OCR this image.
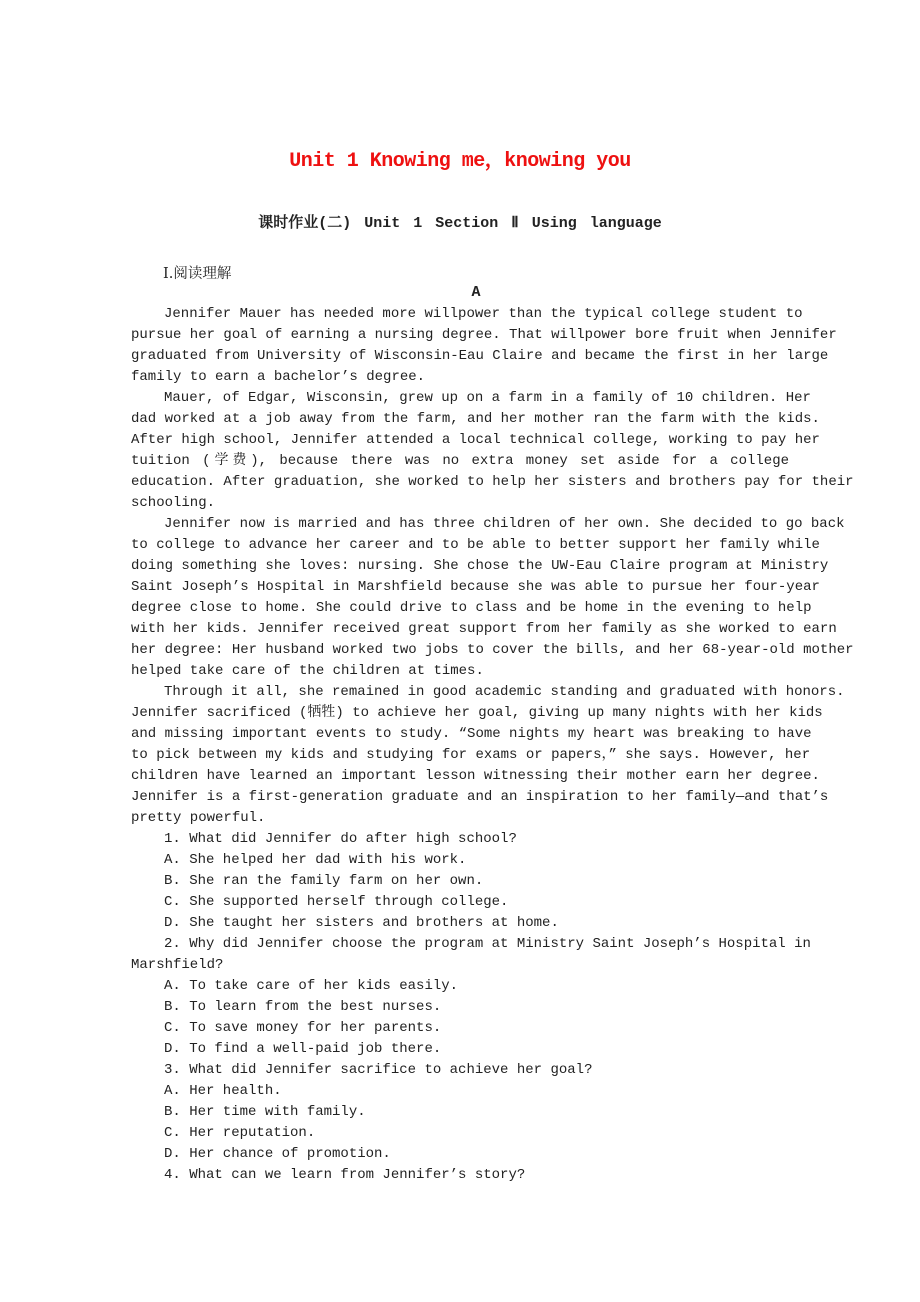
Unit 1 Knowing me，knowing you
课时作业(二) Unit 1 Section Ⅱ Using language
Ⅰ.阅读理解
A
Jennifer Mauer has needed more willpower than the typical college student to
pursue her goal of earning a nursing degree. That willpower bore fruit when Jennifer
graduated from University of Wisconsin-Eau Claire and became the first in her large
family to earn a bachelor’s degree.
Mauer, of Edgar, Wisconsin, grew up on a farm in a family of 10 children. Her
dad worked at a job away from the farm, and her mother ran the farm with the kids.
After high school, Jennifer attended a local technical college, working to pay her
tuition (学费), because there was no extra money set aside for a college
education. After graduation, she worked to help her sisters and brothers pay for their
schooling.
Jennifer now is married and has three children of her own. She decided to go back
to college to advance her career and to be able to better support her family while
doing something she loves: nursing. She chose the UW-Eau Claire program at Ministry
Saint Joseph’s Hospital in Marshfield because she was able to pursue her four-year
degree close to home. She could drive to class and be home in the evening to help
with her kids. Jennifer received great support from her family as she worked to earn
her degree: Her husband worked two jobs to cover the bills, and her 68-year-old mother
helped take care of the children at times.
Through it all, she remained in good academic standing and graduated with honors.
Jennifer sacrificed (牺牲) to achieve her goal, giving up many nights with her kids
and missing important events to study. “Some nights my heart was breaking to have
to pick between my kids and studying for exams or papers，” she says. However, her
children have learned an important lesson witnessing their mother earn her degree.
Jennifer is a first-generation graduate and an inspiration to her family—and that’s
pretty powerful.
1. What did Jennifer do after high school?
A. She helped her dad with his work.
B. She ran the family farm on her own.
C. She supported herself through college.
D. She taught her sisters and brothers at home.
2. Why did Jennifer choose the program at Ministry Saint Joseph’s Hospital in
Marshfield?
A. To take care of her kids easily.
B. To learn from the best nurses.
C. To save money for her parents.
D. To find a well-paid job there.
3. What did Jennifer sacrifice to achieve her goal?
A. Her health.
B. Her time with family.
C. Her reputation.
D. Her chance of promotion.
4. What can we learn from Jennifer’s story?
